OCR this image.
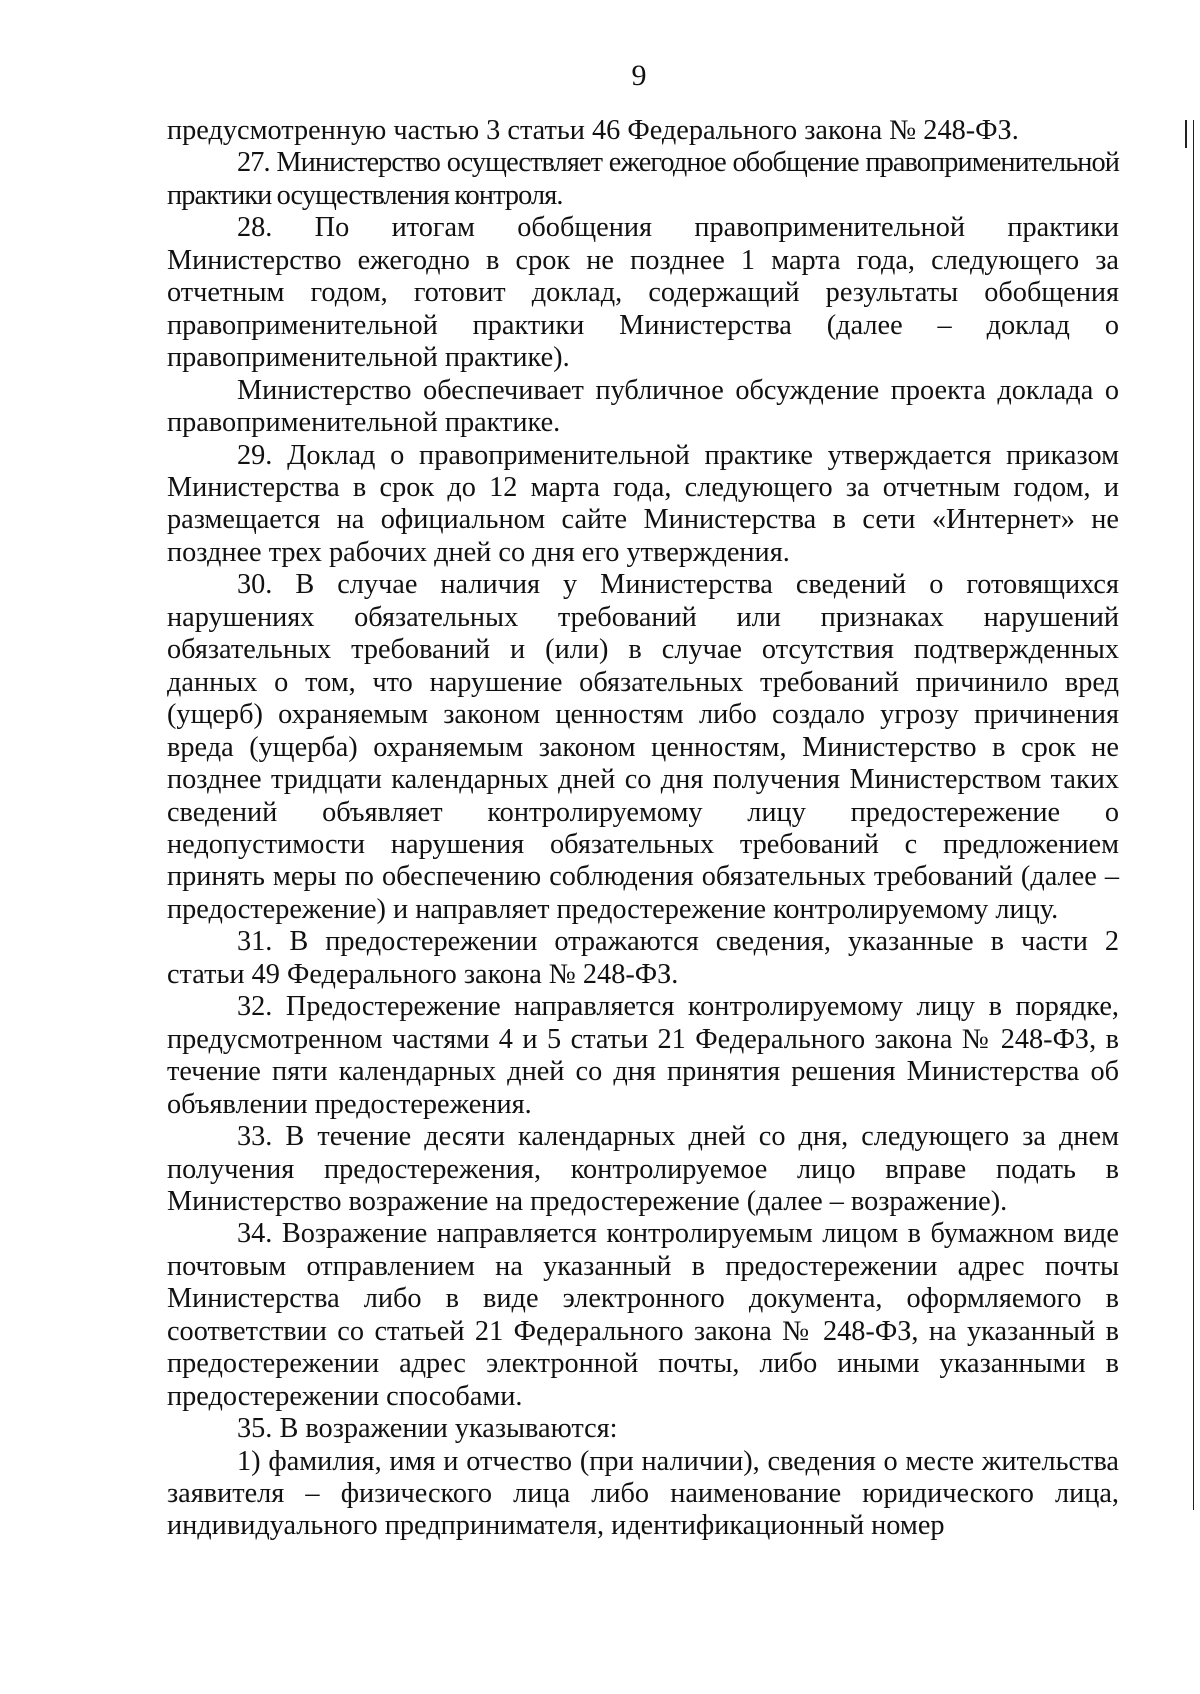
9

предусмотренную частью 3 статьи 46 Федерального закона № 248-ФЗ.

27. Министерство осуществляет ежегодное обобщение правоприменительной практики осуществления контроля.

28. По итогам обобщения правоприменительной практики Министерство ежегодно в срок не позднее 1 марта года, следующего за отчетным годом, готовит доклад, содержащий результаты обобщения правоприменительной практики Министерства (далее – доклад о правоприменительной практике).

Министерство обеспечивает публичное обсуждение проекта доклада о правоприменительной практике.

29. Доклад о правоприменительной практике утверждается приказом Министерства в срок до 12 марта года, следующего за отчетным годом, и размещается на официальном сайте Министерства в сети «Интернет» не позднее трех рабочих дней со дня его утверждения.

30. В случае наличия у Министерства сведений о готовящихся нарушениях обязательных требований или признаках нарушений обязательных требований и (или) в случае отсутствия подтвержденных данных о том, что нарушение обязательных требований причинило вред (ущерб) охраняемым законом ценностям либо создало угрозу причинения вреда (ущерба) охраняемым законом ценностям, Министерство в срок не позднее тридцати календарных дней со дня получения Министерством таких сведений объявляет контролируемому лицу предостережение о недопустимости нарушения обязательных требований с предложением принять меры по обеспечению соблюдения обязательных требований (далее – предостережение) и направляет предостережение контролируемому лицу.

31. В предостережении отражаются сведения, указанные в части 2 статьи 49 Федерального закона № 248-ФЗ.

32. Предостережение направляется контролируемому лицу в порядке, предусмотренном частями 4 и 5 статьи 21 Федерального закона № 248-ФЗ, в течение пяти календарных дней со дня принятия решения Министерства об объявлении предостережения.

33. В течение десяти календарных дней со дня, следующего за днем получения предостережения, контролируемое лицо вправе подать в Министерство возражение на предостережение (далее – возражение).

34. Возражение направляется контролируемым лицом в бумажном виде почтовым отправлением на указанный в предостережении адрес почты Министерства либо в виде электронного документа, оформляемого в соответствии со статьей 21 Федерального закона № 248-ФЗ, на указанный в предостережении адрес электронной почты, либо иными указанными в предостережении способами.

35. В возражении указываются:

1) фамилия, имя и отчество (при наличии), сведения о месте жительства заявителя – физического лица либо наименование юридического лица, индивидуального предпринимателя, идентификационный номер
